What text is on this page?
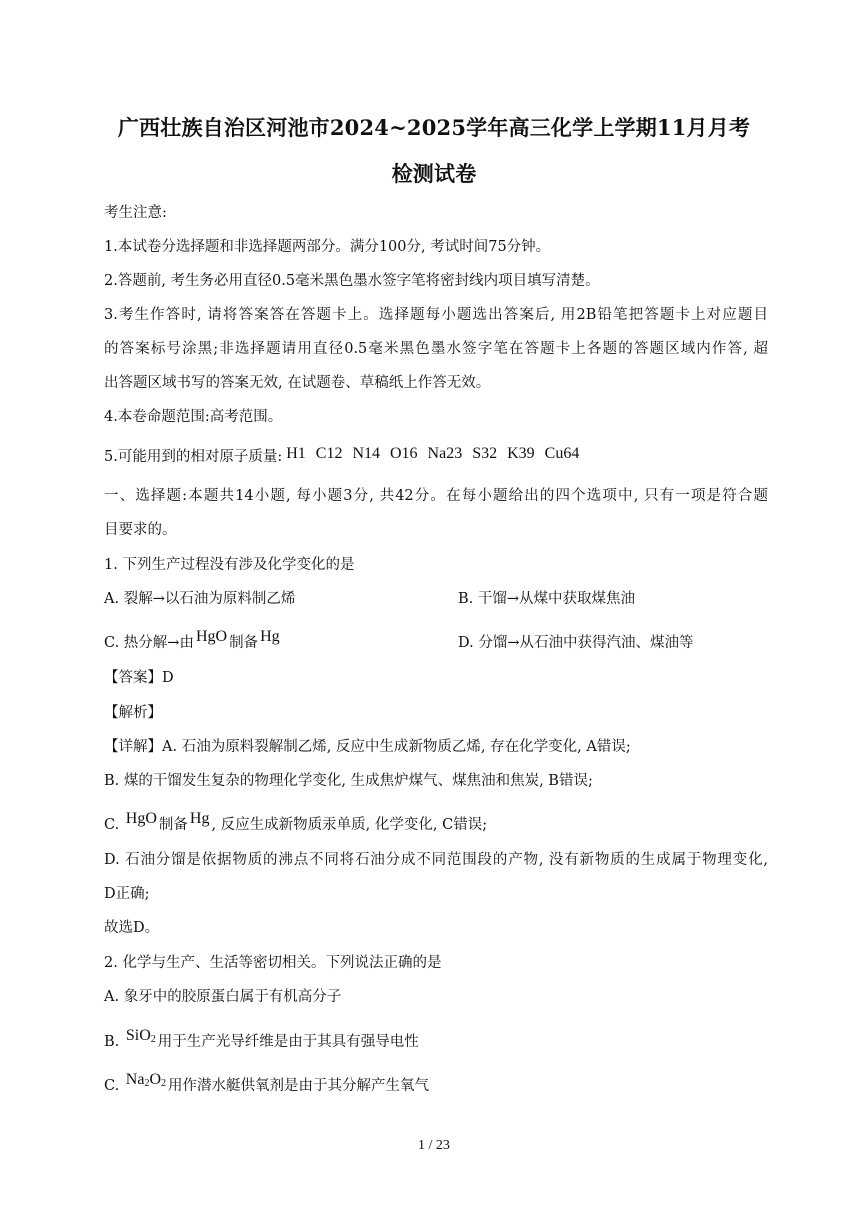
广西壮族自治区河池市2024~2025学年高三化学上学期11月月考
检测试卷
考生注意:
1.本试卷分选择题和非选择题两部分。满分100分, 考试时间75分钟。
2.答题前, 考生务必用直径0.5毫米黑色墨水签字笔将密封线内项目填写清楚。
3.考生作答时, 请将答案答在答题卡上。选择题每小题选出答案后, 用2B铅笔把答题卡上对应题目
的答案标号涂黑;非选择题请用直径0.5毫米黑色墨水签字笔在答题卡上各题的答题区域内作答, 超
出答题区域书写的答案无效, 在试题卷、草稿纸上作答无效。
4.本卷命题范围:高考范围。
5.可能用到的相对原子质量: H1 C12 N14 O16 Na23 S32 K39 Cu64
一、选择题:本题共14小题, 每小题3分, 共42分。在每小题给出的四个选项中, 只有一项是符合题
目要求的。
1. 下列生产过程没有涉及化学变化的是
A. 裂解→以石油为原料制乙烯	B. 干馏→从煤中获取煤焦油
C. 热分解→由 HgO 制备 Hg	D. 分馏→从石油中获得汽油、煤油等
【答案】D
【解析】
【详解】A. 石油为原料裂解制乙烯, 反应中生成新物质乙烯, 存在化学变化, A错误;
B. 煤的干馏发生复杂的物理化学变化, 生成焦炉煤气、煤焦油和焦炭, B错误;
C. HgO 制备 Hg , 反应生成新物质汞单质, 化学变化, C错误;
D. 石油分馏是依据物质的沸点不同将石油分成不同范围段的产物, 没有新物质的生成属于物理变化,
D正确;
故选D。
2. 化学与生产、生活等密切相关。下列说法正确的是
A. 象牙中的胶原蛋白属于有机高分子
B. SiO$_2$ 用于生产光导纤维是由于其具有强导电性
C. $Na_2O_2$ 用作潜水艇供氧剂是由于其分解产生氧气
1 / 23
